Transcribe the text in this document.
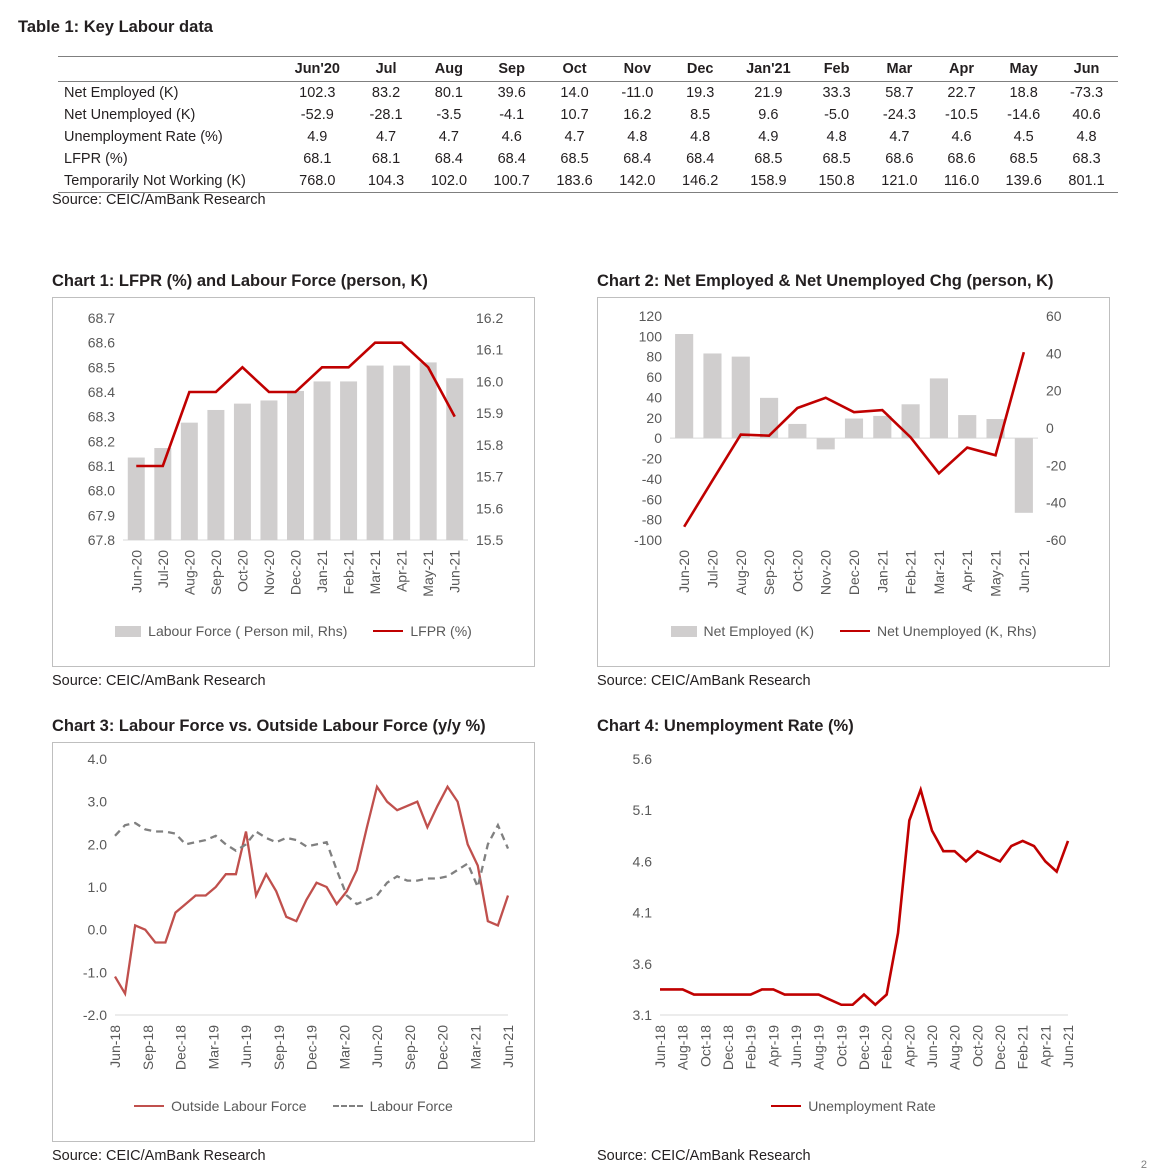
Table 1: Key Labour data
	Jun'20	Jul	Aug	Sep	Oct	Nov	Dec	Jan'21	Feb	Mar	Apr	May	Jun
Net Employed (K)	102.3	83.2	80.1	39.6	14.0	-11.0	19.3	21.9	33.3	58.7	22.7	18.8	-73.3
Net Unemployed (K)	-52.9	-28.1	-3.5	-4.1	10.7	16.2	8.5	9.6	-5.0	-24.3	-10.5	-14.6	40.6
Unemployment Rate (%)	4.9	4.7	4.7	4.6	4.7	4.8	4.8	4.9	4.8	4.7	4.6	4.5	4.8
LFPR (%)	68.1	68.1	68.4	68.4	68.5	68.4	68.4	68.5	68.5	68.6	68.6	68.5	68.3
Temporarily Not Working (K)	768.0	104.3	102.0	100.7	183.6	142.0	146.2	158.9	150.8	121.0	116.0	139.6	801.1
Source: CEIC/AmBank Research
Chart 1: LFPR (%) and Labour Force (person, K)
67.8
67.9
68.0
68.1
68.2
68.3
68.4
68.5
68.6
68.7
15.5
15.6
15.7
15.8
15.9
16.0
16.1
16.2
Jun-20 Jul-20 Aug-20 Sep-20 Oct-20 Nov-20 Dec-20 Jan-21 Feb-21 Mar-21 Apr-21 May-21 Jun-21
Labour Force ( Person mil, Rhs)	LFPR (%)
Source: CEIC/AmBank Research
Chart 2: Net Employed & Net Unemployed Chg (person, K)
-100
-80
-60
-40
-20
0
20
40
60
80
100
120
-60
-40
-20
0
20
40
60
Jun-20 Jul-20 Aug-20 Sep-20 Oct-20 Nov-20 Dec-20 Jan-21 Feb-21 Mar-21 Apr-21 May-21 Jun-21
Net Employed (K)	Net Unemployed (K, Rhs)
Source: CEIC/AmBank Research
Chart 3: Labour Force vs. Outside Labour Force (y/y %)
-2.0
-1.0
0.0
1.0
2.0
3.0
4.0
Jun-18 Sep-18 Dec-18 Mar-19 Jun-19 Sep-19 Dec-19 Mar-20 Jun-20 Sep-20 Dec-20 Mar-21 Jun-21
Outside Labour Force	Labour Force
Source: CEIC/AmBank Research
Chart 4: Unemployment Rate (%)
3.1
3.6
4.1
4.6
5.1
5.6
Jun-18 Aug-18 Oct-18 Dec-18 Feb-19 Apr-19 Jun-19 Aug-19 Oct-19 Dec-19 Feb-20 Apr-20 Jun-20 Aug-20 Oct-20 Dec-20 Feb-21 Apr-21 Jun-21
Unemployment Rate
Source: CEIC/AmBank Research
2
